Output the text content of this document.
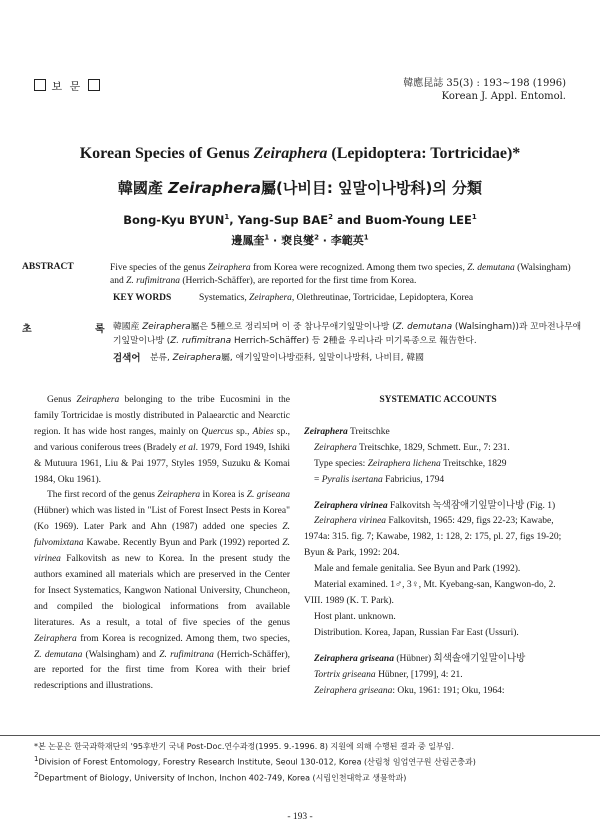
보 문	韓應昆誌 35(3) : 193~198 (1996)
Korean J. Appl. Entomol.
Korean Species of Genus Zeiraphera (Lepidoptera: Tortricidae)*
韓國產 Zeiraphera屬(나비目: 잎말이나방科)의 分類
Bong-Kyu BYUN$^1$, Yang-Sup BAE$^2$ and Buom-Young LEE$^1$
邊鳳奎$^1$ · 裵良燮$^2$ · 李範英$^1$
ABSTRACT	Five species of the genus Zeiraphera from Korea were recognized. Among them two species, Z. demutana (Walsingham) and Z. rufimitrana (Herrich-Schäffer), are reported for the first time from Korea.
KEY WORDS	Systematics, Zeiraphera, Olethreutinae, Tortricidae, Lepidoptera, Korea
초	록 韓國産 Zeiraphera屬은 5種으로 정리되며 이 중 참나무애기잎말이나방 (Z. demutana (Walsingham))과 꼬마전나무애기잎말이나방 (Z. rufimitrana Herrich-Schäffer) 등 2種을 우리나라 미기록종으로 報告한다.
검색어 분류, Zeiraphera屬, 애기잎말이나방亞科, 잎말이나방科, 나비目, 韓國

Genus Zeiraphera belonging to the tribe Eucosmini in the family Tortricidae is mostly distributed in Palaearctic and Nearctic region. It has wide host ranges, mainly on Quercus sp., Abies sp., and various coniferous trees (Bradely et al. 1979, Ford 1949, Ishiki & Mutuura 1961, Liu & Pai 1977, Styles 1959, Suzuku & Komai 1984, Oku 1961).

The first record of the genus Zeiraphera in Korea is Z. griseana (Hübner) which was listed in "List of Forest Insect Pests in Korea" (Ko 1969). Later Park and Ahn (1987) added one species Z. fulvomixtana Kawabe. Recently Byun and Park (1992) reported Z. virinea Falkovitsh as new to Korea. In the present study the authors examined all materials which are preserved in the Center for Insect Systematics, Kangwon National University, Chuncheon, and compiled the biological informations from available literatures. As a result, a total of five species of the genus Zeiraphera from Korea is recognized. Among them, two species, Z. demutana (Walsingham) and Z. rufimitrana (Herrich-Schäffer), are reported for the first time from Korea with their brief redescriptions and illustrations.

SYSTEMATIC ACCOUNTS

Zeiraphera Treitschke

Zeiraphera Treitschke, 1829, Schmett. Eur., 7: 231.

Type species: Zeiraphera lichena Treitschke, 1829

= Pyralis isertana Fabricius, 1794

Zeiraphera virinea Falkovitsh 녹색잠애기잎말이나방 (Fig. 1)

Zeiraphera virinea Falkovitsh, 1965: 429, figs 22-23; Kawabe, 1974a: 315. fig. 7; Kawabe, 1982, 1: 128, 2: 175, pl. 27, figs 19-20; Byun & Park, 1992: 204.

Male and female genitalia. See Byun and Park (1992).

Material examined. 1♂, 3♀, Mt. Kyebang-san, Kangwon-do, 2. VIII. 1989 (K. T. Park).

Host plant. unknown.

Distribution. Korea, Japan, Russian Far East (Ussuri).

Zeiraphera griseana (Hübner) 회색솔애기잎말이나방

Tortrix griseana Hübner, [1799], 4: 21.

Zeiraphera griseana: Oku, 1961: 191; Oku, 1964:

*본 논문은 한국과학재단의 '95후반기 국내 Post-Doc.연수과정(1995. 9.-1996. 8) 지원에 의해 수행된 결과 중 일부임.

$^1$Division of Forest Entomology, Forestry Research Institute, Seoul 130-012, Korea (산림청 임업연구원 산림곤충과)

$^2$Department of Biology, University of Inchon, Inchon 402-749, Korea (시립인천대학교 생물학과)

- 193 -
